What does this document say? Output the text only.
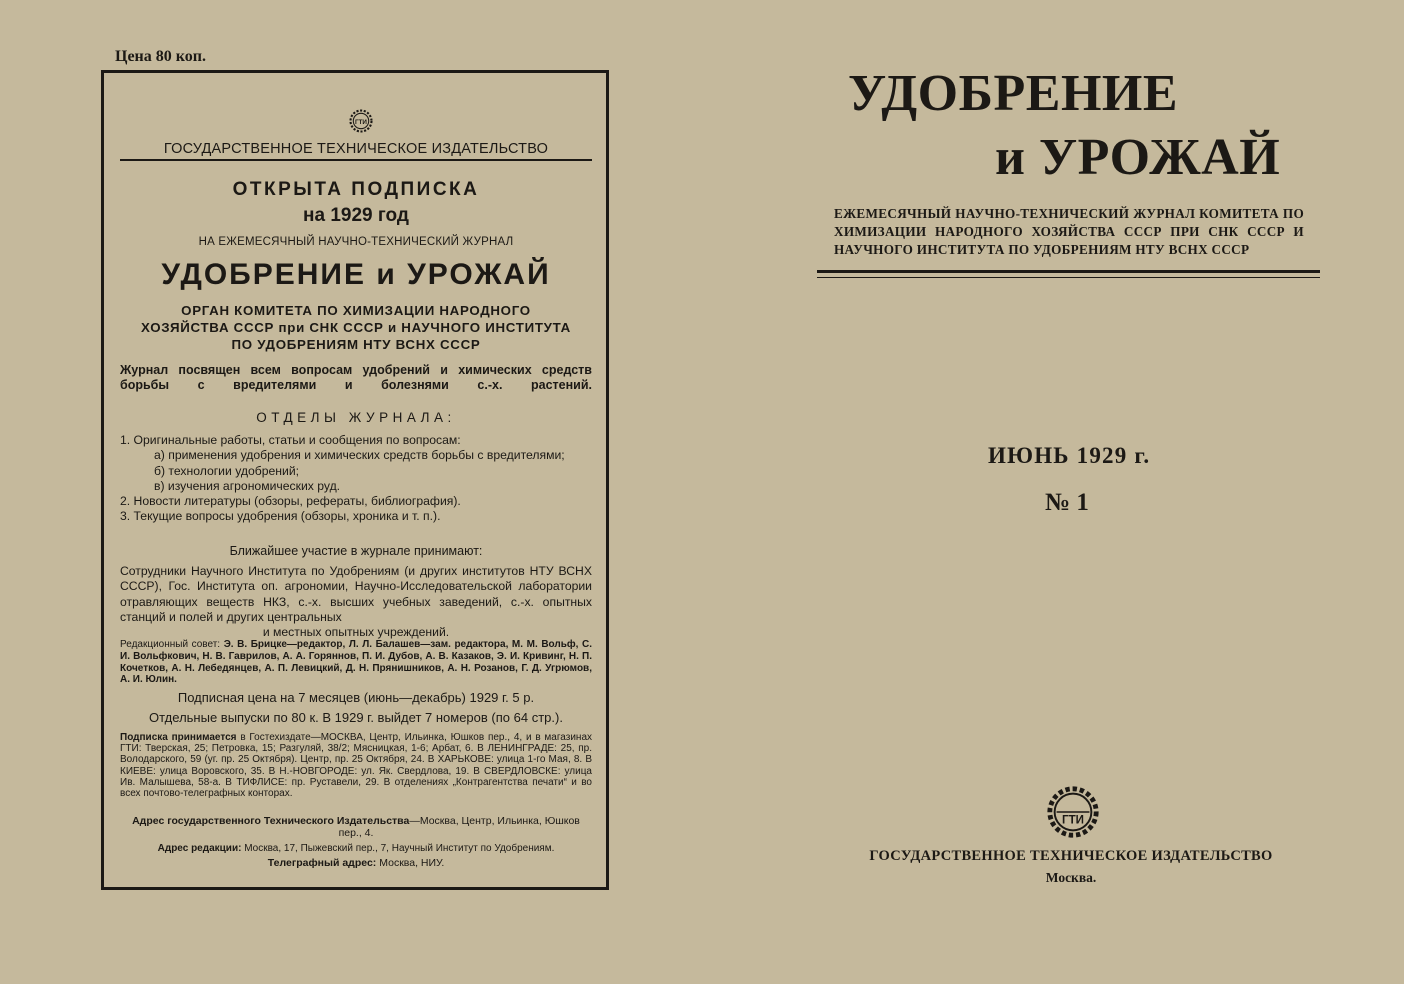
Цена 80 коп.
ГТИ
ГОСУДАРСТВЕННОЕ ТЕХНИЧЕСКОЕ ИЗДАТЕЛЬСТВО
ОТКРЫТА ПОДПИСКА
на 1929 год
НА ЕЖЕМЕСЯЧНЫЙ НАУЧНО-ТЕХНИЧЕСКИЙ ЖУРНАЛ
УДОБРЕНИЕ и УРОЖАЙ
ОРГАН КОМИТЕТА ПО ХИМИЗАЦИИ НАРОДНОГО ХОЗЯЙСТВА СССР при СНК СССР и НАУЧНОГО ИНСТИТУТА ПО УДОБРЕНИЯМ НТУ ВСНХ СССР
Журнал посвящен всем вопросам удобрений и химических средств борьбы с вредителями и болезнями с.-х. растений.
ОТДЕЛЫ ЖУРНАЛА:
1. Оригинальные работы, статьи и сообщения по вопросам:
а) применения удобрения и химических средств борьбы с вредителями;
б) технологии удобрений;
в) изучения агрономических руд.
2. Новости литературы (обзоры, рефераты, библиография).
3. Текущие вопросы удобрения (обзоры, хроника и т. п.).
Ближайшее участие в журнале принимают:
Сотрудники Научного Института по Удобрениям (и других институтов НТУ ВСНХ СССР), Гос. Института оп. агрономии, Научно-Исследовательской лаборатории отравляющих веществ НКЗ, с.-х. высших учебных заведений, с.-х. опытных станций и полей и других центральных
и местных опытных учреждений.
Редакционный совет: Э. В. Брицке—редактор, Л. Л. Балашев—зам. редактора, М. М. Вольф, С. И. Вольфкович, Н. В. Гаврилов, А. А. Горяннов, П. И. Дубов, А. В. Казаков, Э. И. Кривинг, Н. П. Кочетков, А. Н. Лебедянцев, А. П. Левицкий, Д. Н. Прянишников, А. Н. Розанов, Г. Д. Угрюмов, А. И. Юлин.
Подписная цена на 7 месяцев (июнь—декабрь) 1929 г. 5 р.
Отдельные выпуски по 80 к. В 1929 г. выйдет 7 номеров (по 64 стр.).
Подписка принимается в Гостехиздате—МОСКВА, Центр, Ильинка, Юшков пер., 4, и в магазинах ГТИ: Тверская, 25; Петровка, 15; Разгуляй, 38/2; Мясницкая, 1-6; Арбат, 6. В ЛЕНИНГРАДЕ: 25, пр. Володарского, 59 (уг. пр. 25 Октября). Центр, пр. 25 Октября, 24. В ХАРЬКОВЕ: улица 1-го Мая, 8. В КИЕВЕ: улица Воровского, 35. В Н.-НОВГОРОДЕ: ул. Як. Свердлова, 19. В СВЕРДЛОВСКЕ: улица Ив. Малышева, 58-а. В ТИФЛИСЕ: пр. Руставели, 29. В отделениях „Контрагентства печати“ и во всех почтово-телеграфных конторах.
Адрес государственного Технического Издательства—Москва, Центр, Ильинка, Юшков пер., 4.
Адрес редакции: Москва, 17, Пыжевский пер., 7, Научный Институт по Удобрениям.
Телеграфный адрес: Москва, НИУ.
УДОБРЕНИЕ
и УРОЖАЙ
ЕЖЕМЕСЯЧНЫЙ НАУЧНО-ТЕХНИЧЕСКИЙ ЖУРНАЛ КОМИТЕТА ПО ХИМИЗАЦИИ НАРОДНОГО ХОЗЯЙСТВА СССР ПРИ СНК СССР И НАУЧНОГО ИНСТИТУТА ПО УДОБРЕНИЯМ НТУ ВСНХ СССР
ИЮНЬ 1929 г.
№ 1
ГТИ
ГОСУДАРСТВЕННОЕ ТЕХНИЧЕСКОЕ ИЗДАТЕЛЬСТВО
Москва.
